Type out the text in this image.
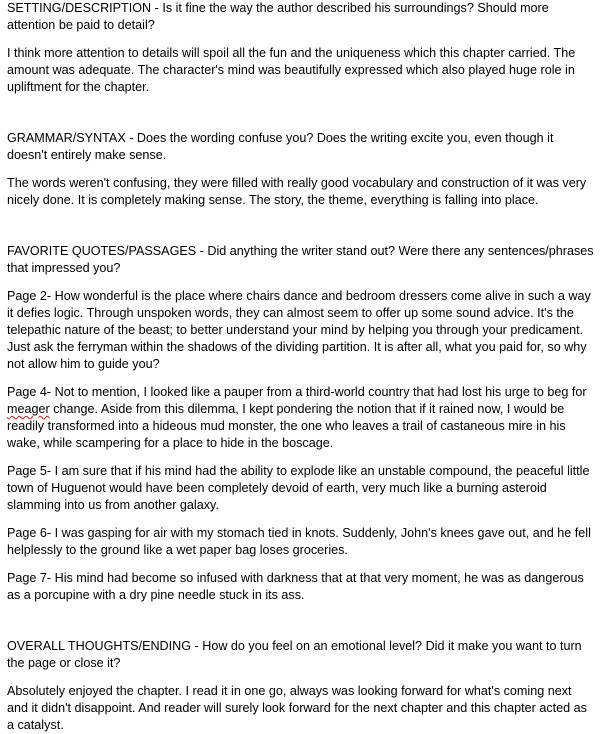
SETTING/DESCRIPTION - Is it fine the way the author described his surroundings? Should more attention be paid to detail?

I think more attention to details will spoil all the fun and the uniqueness which this chapter carried. The amount was adequate. The character's mind was beautifully expressed which also played huge role in upliftment for the chapter.

GRAMMAR/SYNTAX - Does the wording confuse you? Does the writing excite you, even though it doesn't entirely make sense.

The words weren't confusing, they were filled with really good vocabulary and construction of it was very nicely done. It is completely making sense. The story, the theme, everything is falling into place.

FAVORITE QUOTES/PASSAGES - Did anything the writer stand out? Were there any sentences/phrases that impressed you?

Page 2- How wonderful is the place where chairs dance and bedroom dressers come alive in such a way it defies logic. Through unspoken words, they can almost seem to offer up some sound advice. It's the telepathic nature of the beast; to better understand your mind by helping you through your predicament. Just ask the ferryman within the shadows of the dividing partition. It is after all, what you paid for, so why not allow him to guide you?

Page 4- Not to mention, I looked like a pauper from a third-world country that had lost his urge to beg for meager change. Aside from this dilemma, I kept pondering the notion that if it rained now, I would be readily transformed into a hideous mud monster, the one who leaves a trail of castaneous mire in his wake, while scampering for a place to hide in the boscage.

Page 5- I am sure that if his mind had the ability to explode like an unstable compound, the peaceful little town of Huguenot would have been completely devoid of earth, very much like a burning asteroid slamming into us from another galaxy.

Page 6- I was gasping for air with my stomach tied in knots. Suddenly, John's knees gave out, and he fell helplessly to the ground like a wet paper bag loses groceries.

Page 7- His mind had become so infused with darkness that at that very moment, he was as dangerous as a porcupine with a dry pine needle stuck in its ass.

OVERALL THOUGHTS/ENDING - How do you feel on an emotional level? Did it make you want to turn the page or close it?

Absolutely enjoyed the chapter. I read it in one go, always was looking forward for what's coming next and it didn't disappoint. And reader will surely look forward for the next chapter and this chapter acted as a catalyst.
